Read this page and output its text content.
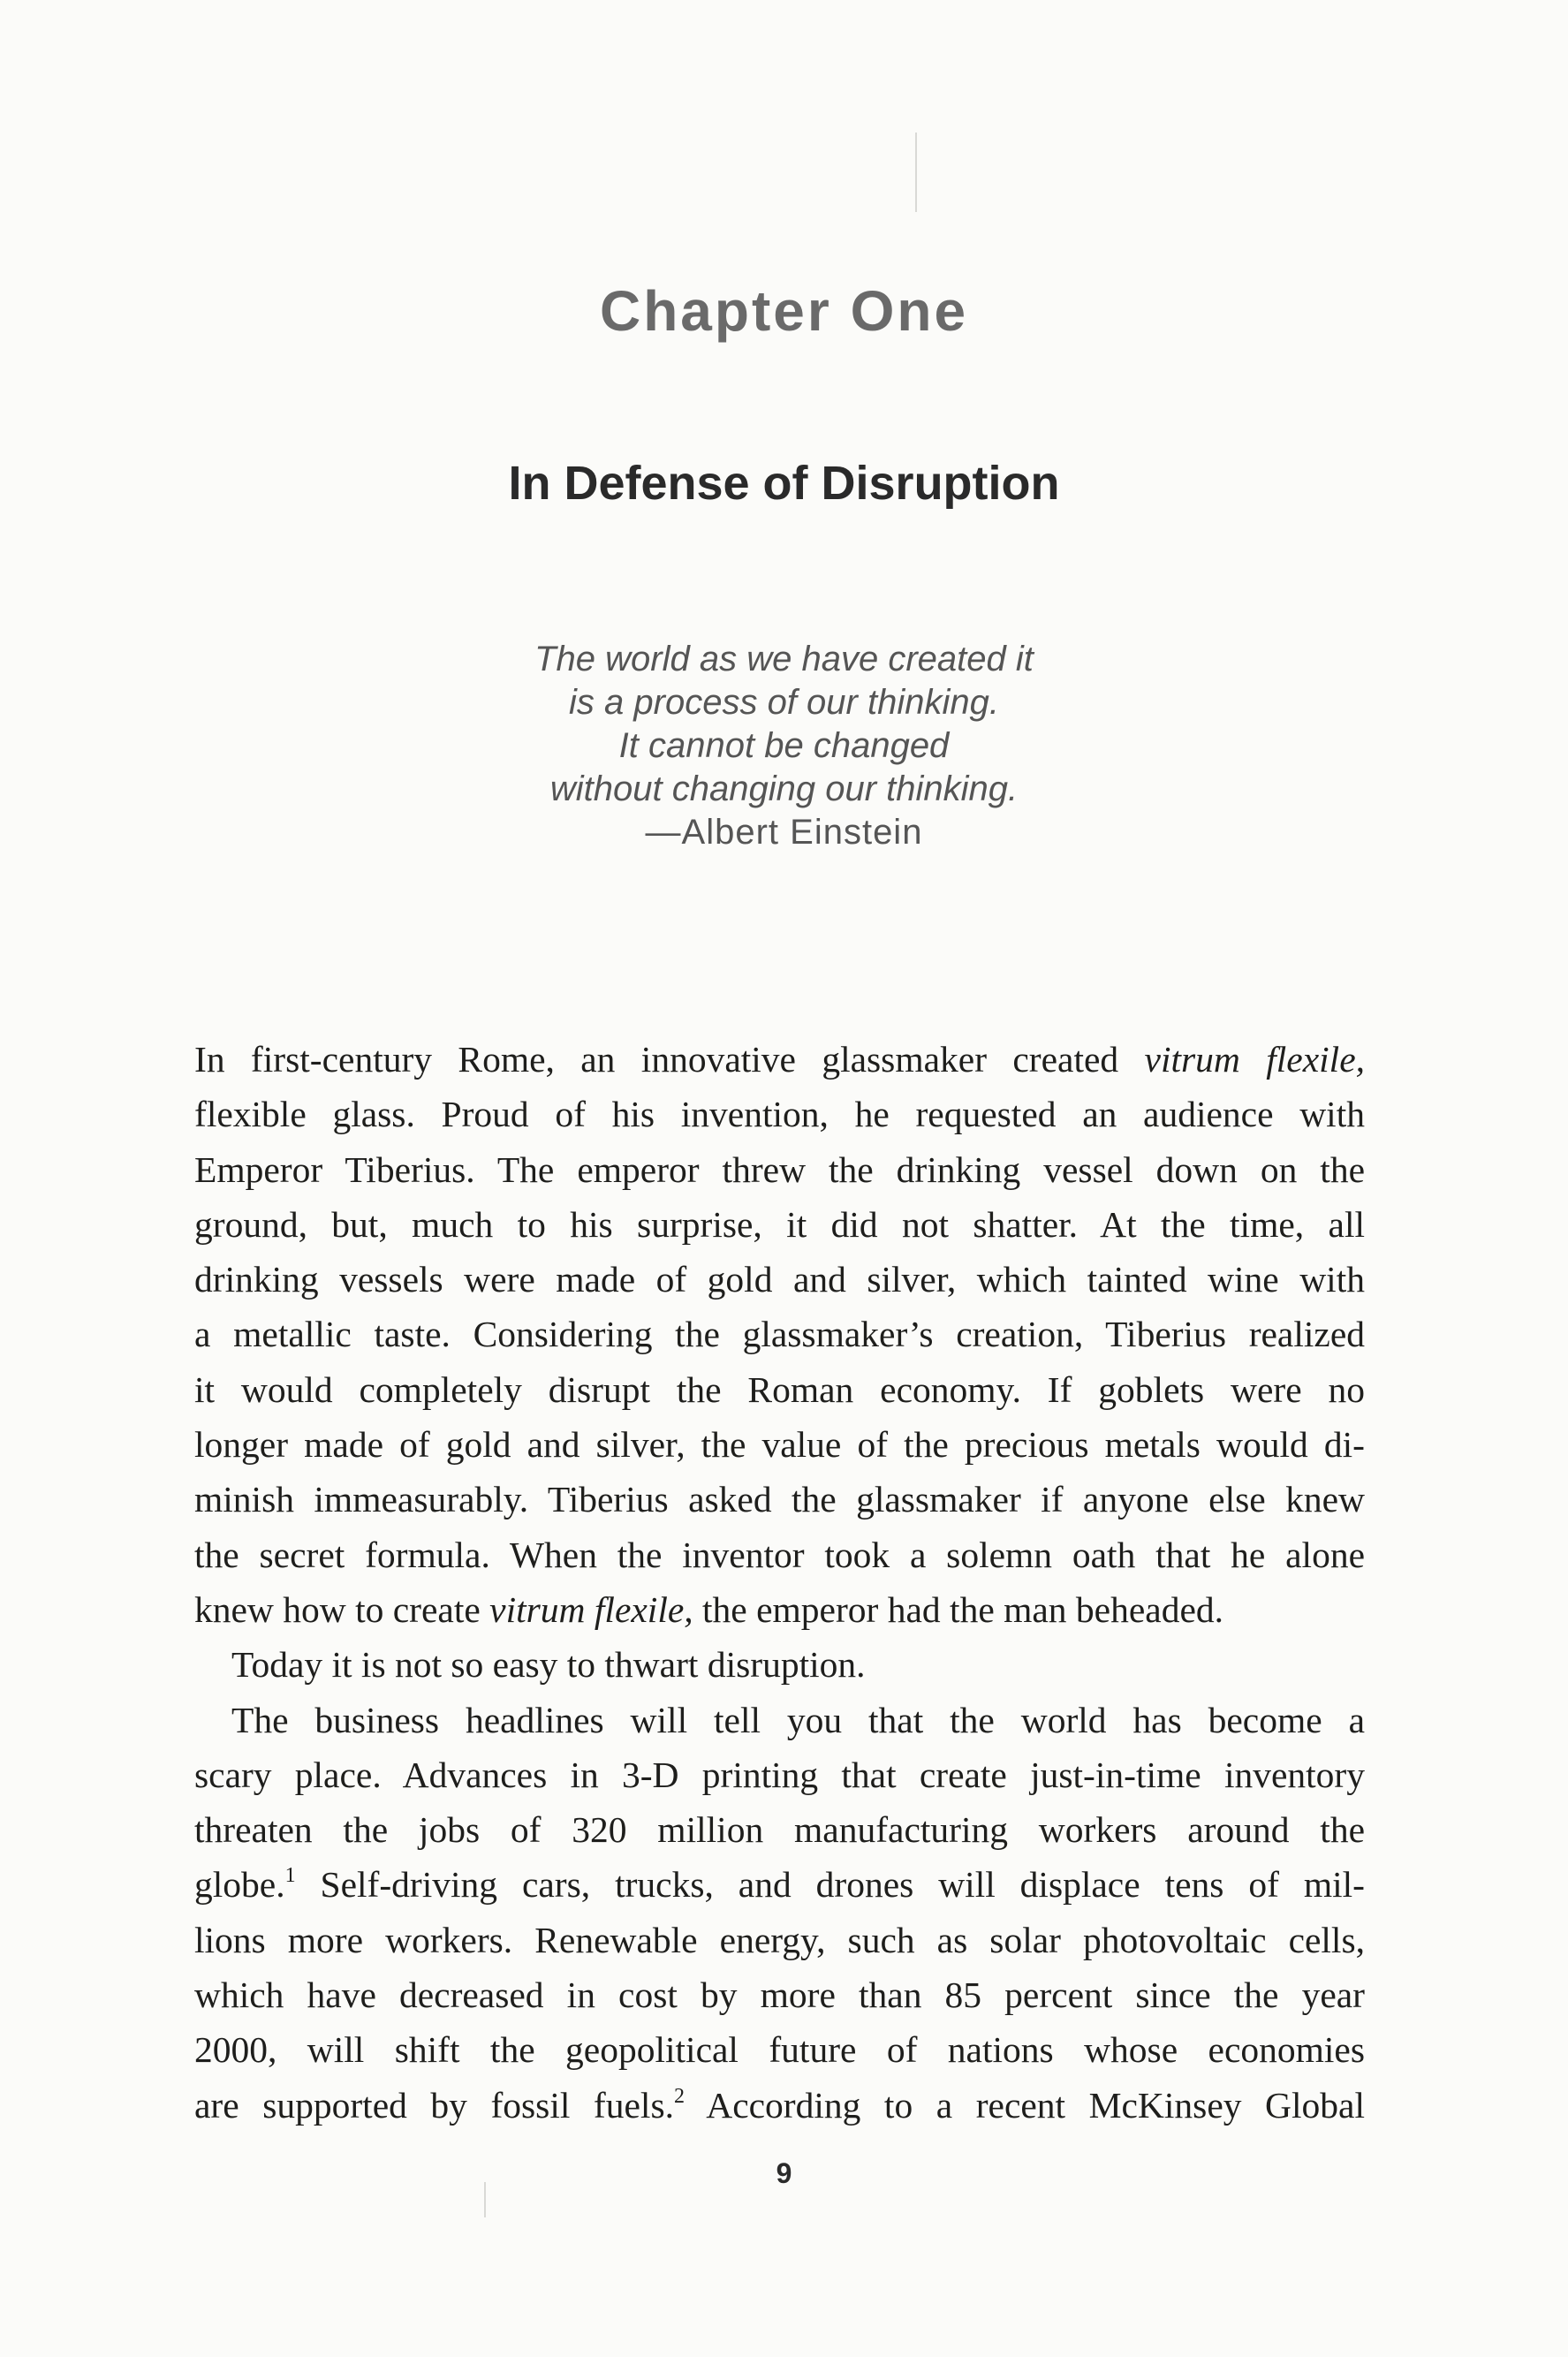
Chapter One
In Defense of Disruption
The world as we have created it
is a process of our thinking.
It cannot be changed
without changing our thinking.
—Albert Einstein
In first-century Rome, an innovative glassmaker created vitrum flexile,
flexible glass. Proud of his invention, he requested an audience with
Emperor Tiberius. The emperor threw the drinking vessel down on the
ground, but, much to his surprise, it did not shatter. At the time, all
drinking vessels were made of gold and silver, which tainted wine with
a metallic taste. Considering the glassmaker’s creation, Tiberius realized
it would completely disrupt the Roman economy. If goblets were no
longer made of gold and silver, the value of the precious metals would di-
minish immeasurably. Tiberius asked the glassmaker if anyone else knew
the secret formula. When the inventor took a solemn oath that he alone
knew how to create vitrum flexile, the emperor had the man beheaded.
Today it is not so easy to thwart disruption.
The business headlines will tell you that the world has become a
scary place. Advances in 3-D printing that create just-in-time inventory
threaten the jobs of 320 million manufacturing workers around the
globe.$^1$ Self-driving cars, trucks, and drones will displace tens of mil-
lions more workers. Renewable energy, such as solar photovoltaic cells,
which have decreased in cost by more than 85 percent since the year
2000, will shift the geopolitical future of nations whose economies
are supported by fossil fuels.$^2$ According to a recent McKinsey Global
9
